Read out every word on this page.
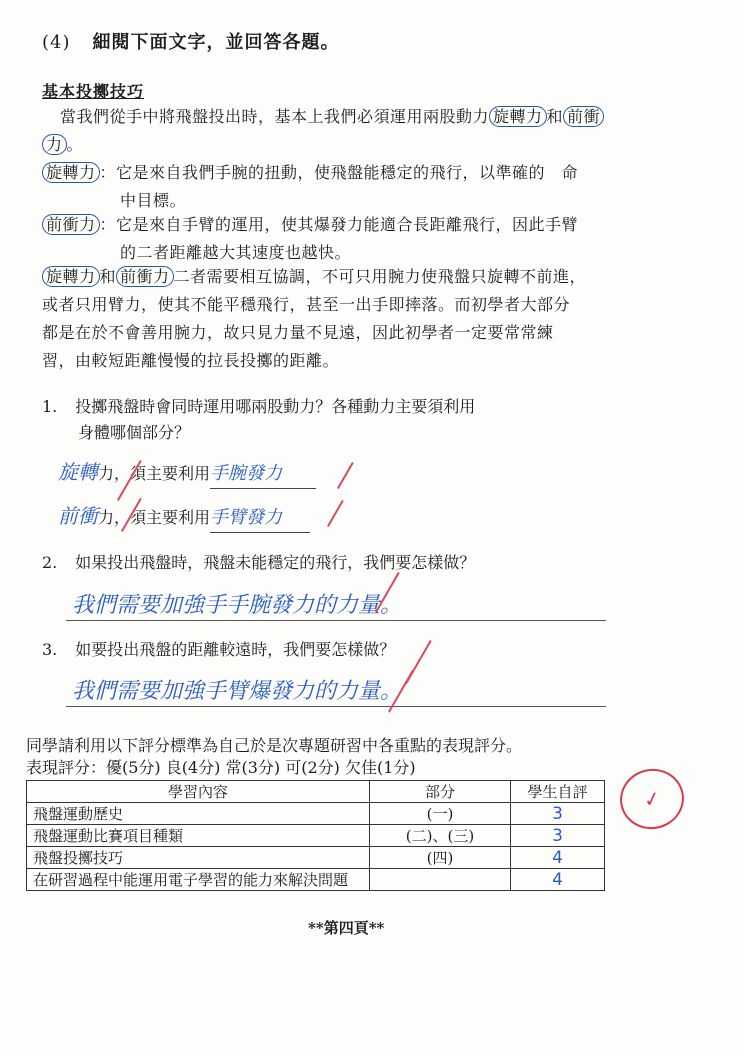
(4) 細閱下面文字，並回答各題。
基本投擲技巧
當我們從手中將飛盤投出時，基本上我們必須運用兩股動力 旋轉力 和 前衝
力 。
旋轉力 ：它是來自我們手腕的扭動，使飛盤能穩定的飛行，以準確的　命
中目標。
前衝力 ：它是來自手臂的運用，使其爆發力能適合長距離飛行，因此手臂
的二者距離越大其速度也越快。
旋轉力 和 前衝力 二者需要相互協調，不可只用腕力使飛盤只旋轉不前進，
或者只用臂力，使其不能平穩飛行，甚至一出手即摔落。而初學者大部分
都是在於不會善用腕力，故只見力量不見遠，因此初學者一定要常常練
習，由較短距離慢慢的拉長投擲的距離。
1. 投擲飛盤時會同時運用哪兩股動力？各種動力主要須利用
身體哪個部分？
旋轉力，須主要利用手腕發力
前衝力，須主要利用手臂發力
2. 如果投出飛盤時，飛盤未能穩定的飛行，我們要怎樣做？
我們需要加強手手腕發力的力量。
3. 如要投出飛盤的距離較遠時，我們要怎樣做？
我們需要加強手臂爆發力的力量。
同學請利用以下評分標準為自己於是次專題研習中各重點的表現評分。
表現評分：優(5分) 良(4分) 常(3分) 可(2分) 欠佳(1分)
學習內容	部分	學生自評
飛盤運動歷史	(一)	3
飛盤運動比賽項目種類	(二)、(三)	3
飛盤投擲技巧	(四)	4
在研習過程中能運用電子學習的能力來解決問題		4
✓
**第四頁**
